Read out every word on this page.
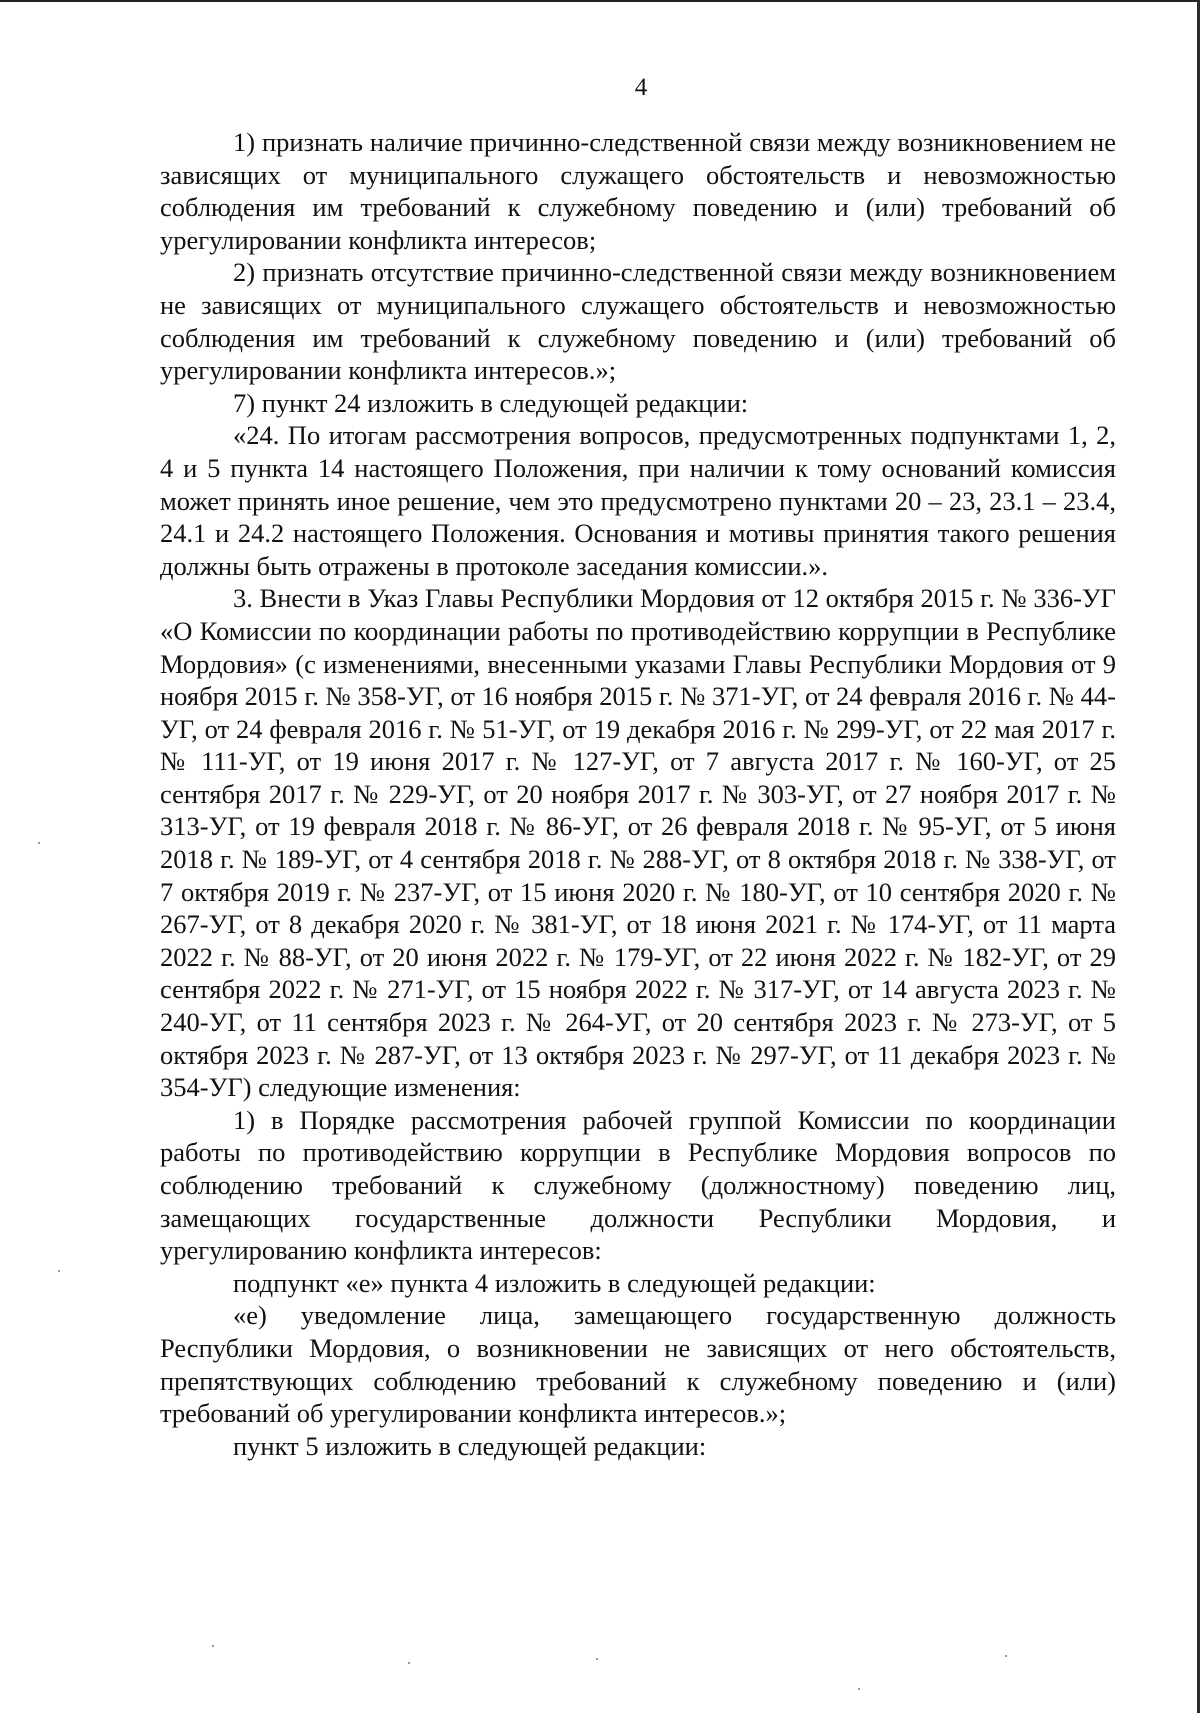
4

1) признать наличие причинно-следственной связи между возникновением не зависящих от муниципального служащего обстоятельств и невозможностью соблюдения им требований к служебному поведению и (или) требований об урегулировании конфликта интересов;

2) признать отсутствие причинно-следственной связи между возникновением не зависящих от муниципального служащего обстоятельств и невозможностью соблюдения им требований к служебному поведению и (или) требований об урегулировании конфликта интересов.»;

7) пункт 24 изложить в следующей редакции:

«24. По итогам рассмотрения вопросов, предусмотренных подпунктами 1, 2, 4 и 5 пункта 14 настоящего Положения, при наличии к тому оснований комиссия может принять иное решение, чем это предусмотрено пунктами 20 – 23, 23.1 – 23.4, 24.1 и 24.2 настоящего Положения. Основания и мотивы принятия такого решения должны быть отражены в протоколе заседания комиссии.».

3. Внести в Указ Главы Республики Мордовия от 12 октября 2015 г. № 336-УГ «О Комиссии по координации работы по противодействию коррупции в Республике Мордовия» (с изменениями, внесенными указами Главы Республики Мордовия от 9 ноября 2015 г. № 358-УГ, от 16 ноября 2015 г. № 371-УГ, от 24 февраля 2016 г. № 44-УГ, от 24 февраля 2016 г. № 51-УГ, от 19 декабря 2016 г. № 299-УГ, от 22 мая 2017 г. № 111-УГ, от 19 июня 2017 г. № 127-УГ, от 7 августа 2017 г. № 160-УГ, от 25 сентября 2017 г. № 229-УГ, от 20 ноября 2017 г. № 303-УГ, от 27 ноября 2017 г. № 313-УГ, от 19 февраля 2018 г. № 86-УГ, от 26 февраля 2018 г. № 95-УГ, от 5 июня 2018 г. № 189-УГ, от 4 сентября 2018 г. № 288-УГ, от 8 октября 2018 г. № 338-УГ, от 7 октября 2019 г. № 237-УГ, от 15 июня 2020 г. № 180-УГ, от 10 сентября 2020 г. № 267-УГ, от 8 декабря 2020 г. № 381-УГ, от 18 июня 2021 г. № 174-УГ, от 11 марта 2022 г. № 88-УГ, от 20 июня 2022 г. № 179-УГ, от 22 июня 2022 г. № 182-УГ, от 29 сентября 2022 г. № 271-УГ, от 15 ноября 2022 г. № 317-УГ, от 14 августа 2023 г. № 240-УГ, от 11 сентября 2023 г. № 264-УГ, от 20 сентября 2023 г. № 273-УГ, от 5 октября 2023 г. № 287-УГ, от 13 октября 2023 г. № 297-УГ, от 11 декабря 2023 г. № 354-УГ) следующие изменения:

1) в Порядке рассмотрения рабочей группой Комиссии по координации работы по противодействию коррупции в Республике Мордовия вопросов по соблюдению требований к служебному (должностному) поведению лиц, замещающих государственные должности Республики Мордовия, и урегулированию конфликта интересов:

подпункт «е» пункта 4 изложить в следующей редакции:

«е) уведомление лица, замещающего государственную должность Республики Мордовия, о возникновении не зависящих от него обстоятельств, препятствующих соблюдению требований к служебному поведению и (или) требований об урегулировании конфликта интересов.»;

пункт 5 изложить в следующей редакции:
